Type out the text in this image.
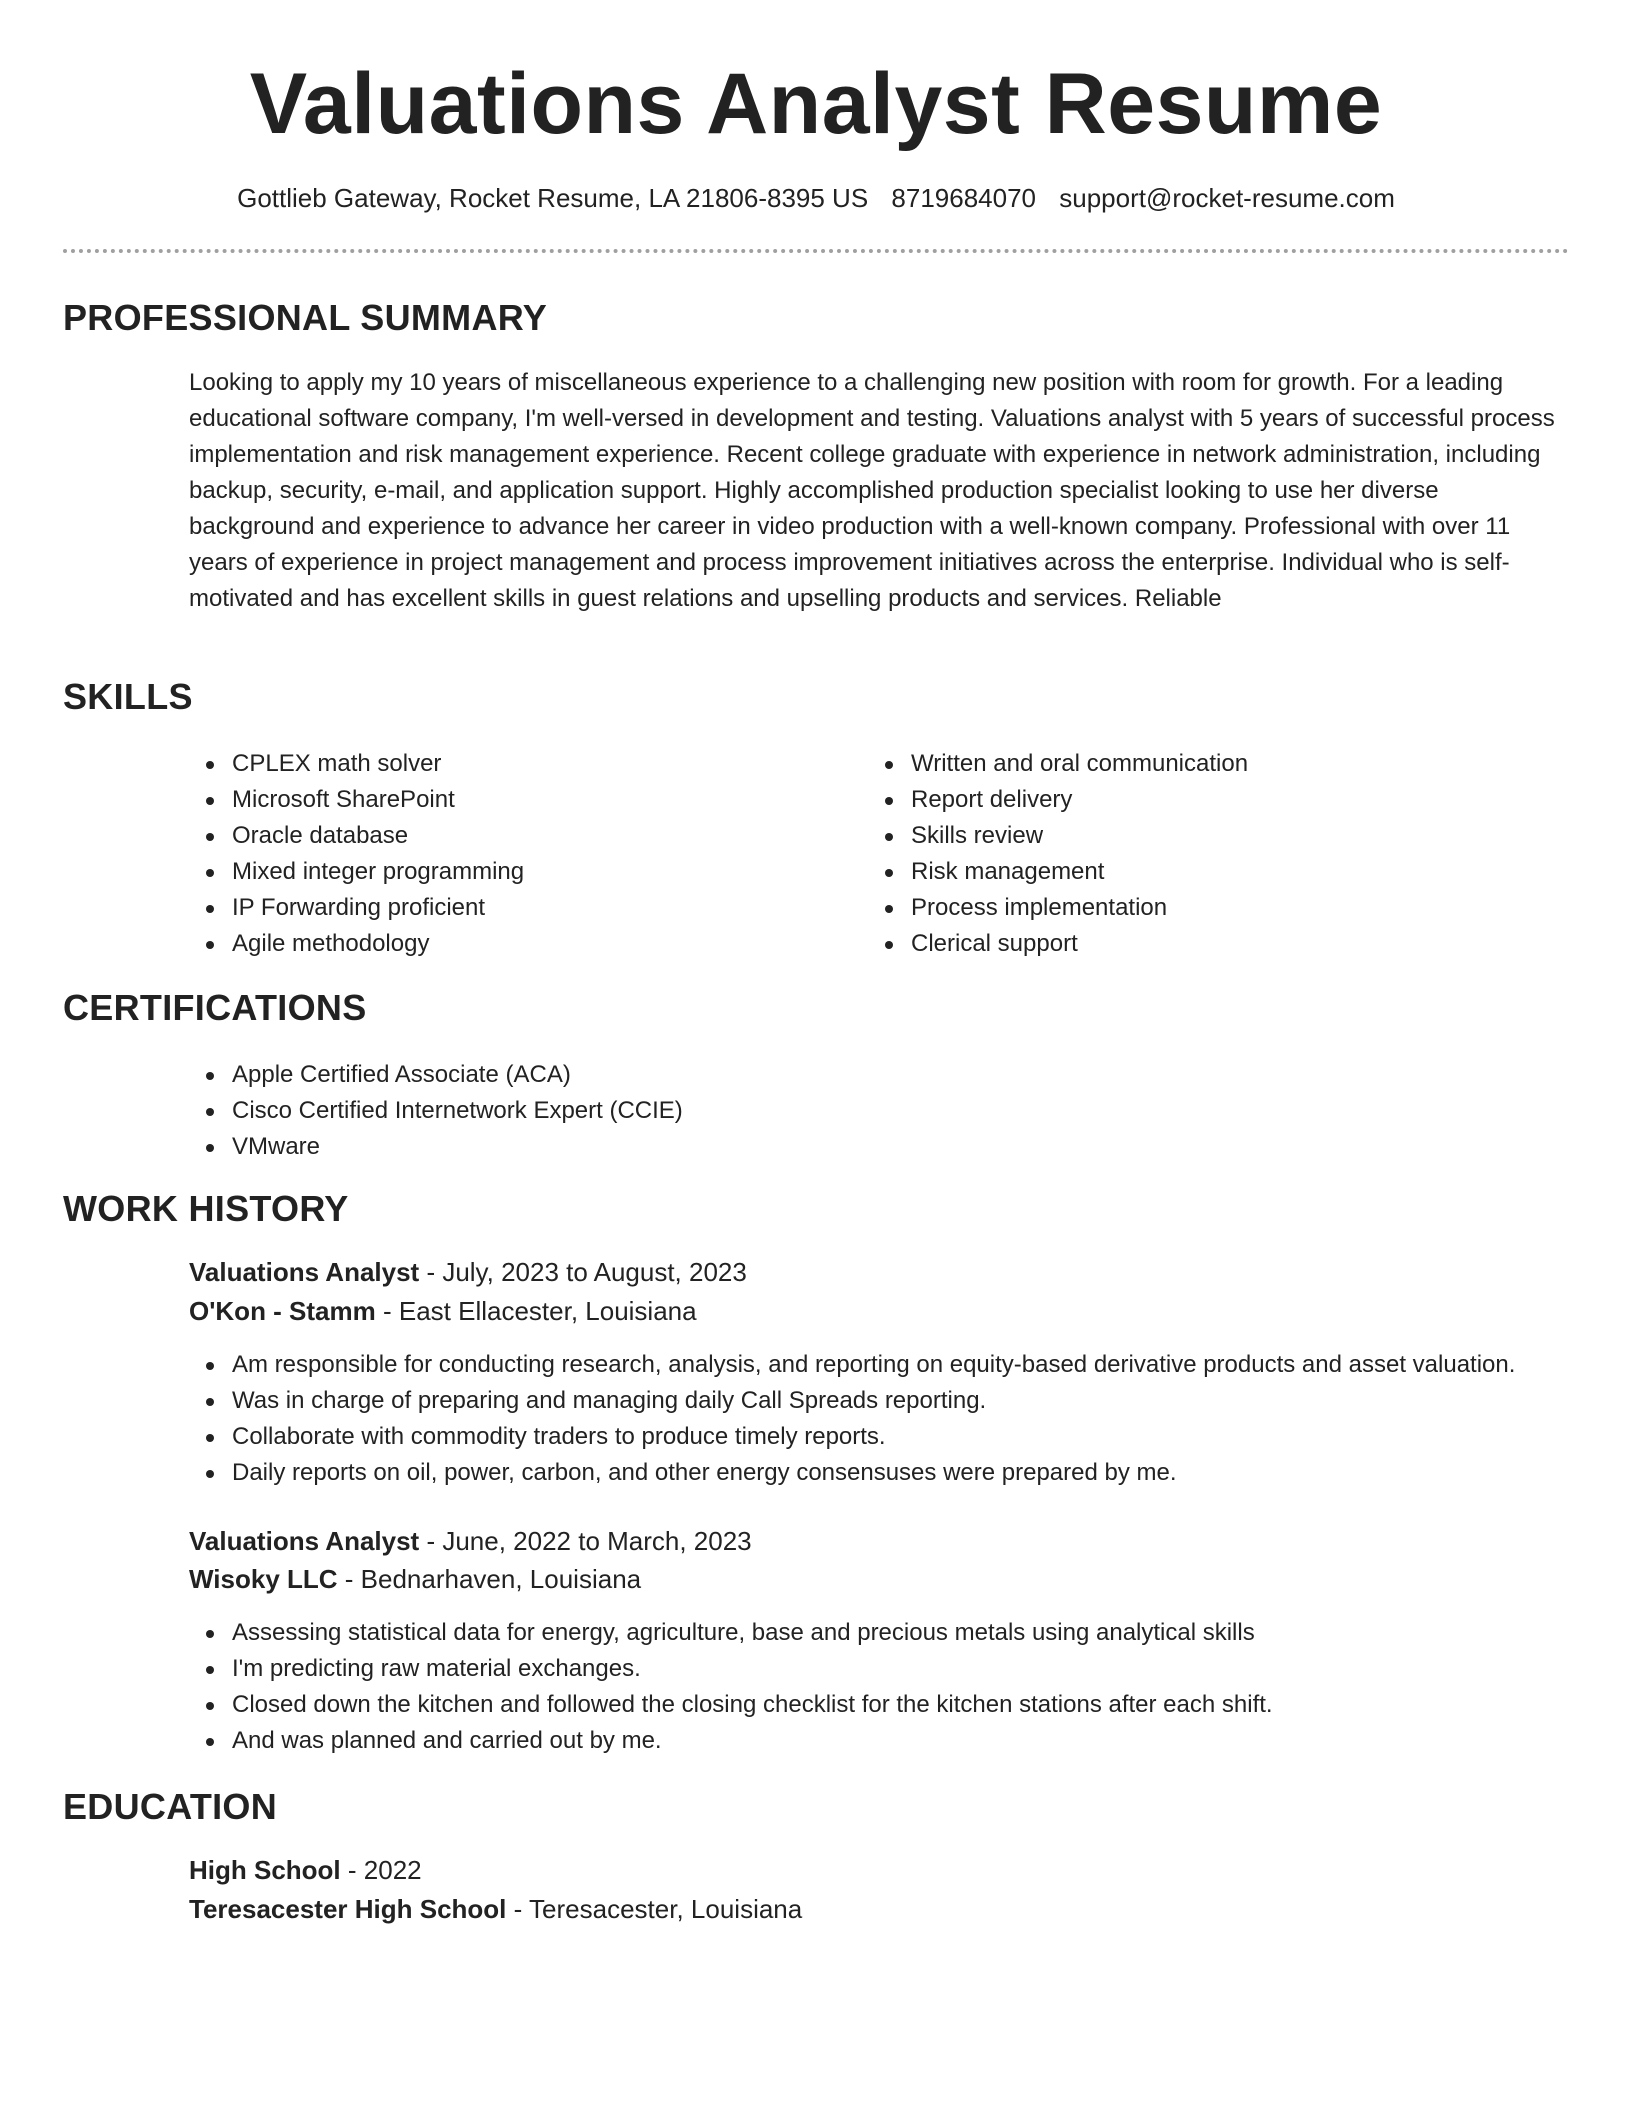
Valuations Analyst Resume
Gottlieb Gateway, Rocket Resume, LA 21806-8395 US 8719684070 support@rocket-resume.com
PROFESSIONAL SUMMARY

Looking to apply my 10 years of miscellaneous experience to a challenging new position with room for growth. For a leading educational software company, I'm well-versed in development and testing. Valuations analyst with 5 years of successful process implementation and risk management experience. Recent college graduate with experience in network administration, including backup, security, e-mail, and application support. Highly accomplished production specialist looking to use her diverse background and experience to advance her career in video production with a well-known company. Professional with over 11 years of experience in project management and process improvement initiatives across the enterprise. Individual who is self-motivated and has excellent skills in guest relations and upselling products and services. Reliable

SKILLS
CPLEX math solver
Microsoft SharePoint
Oracle database
Mixed integer programming
IP Forwarding proficient
Agile methodology
Written and oral communication
Report delivery
Skills review
Risk management
Process implementation
Clerical support
CERTIFICATIONS
Apple Certified Associate (ACA)
Cisco Certified Internetwork Expert (CCIE)
VMware
WORK HISTORY
Valuations Analyst - July, 2023 to August, 2023
O'Kon - Stamm - East Ellacester, Louisiana
Am responsible for conducting research, analysis, and reporting on equity-based derivative products and asset valuation.
Was in charge of preparing and managing daily Call Spreads reporting.
Collaborate with commodity traders to produce timely reports.
Daily reports on oil, power, carbon, and other energy consensuses were prepared by me.
Valuations Analyst - June, 2022 to March, 2023
Wisoky LLC - Bednarhaven, Louisiana
Assessing statistical data for energy, agriculture, base and precious metals using analytical skills
I'm predicting raw material exchanges.
Closed down the kitchen and followed the closing checklist for the kitchen stations after each shift.
And was planned and carried out by me.
EDUCATION
High School - 2022
Teresacester High School - Teresacester, Louisiana
